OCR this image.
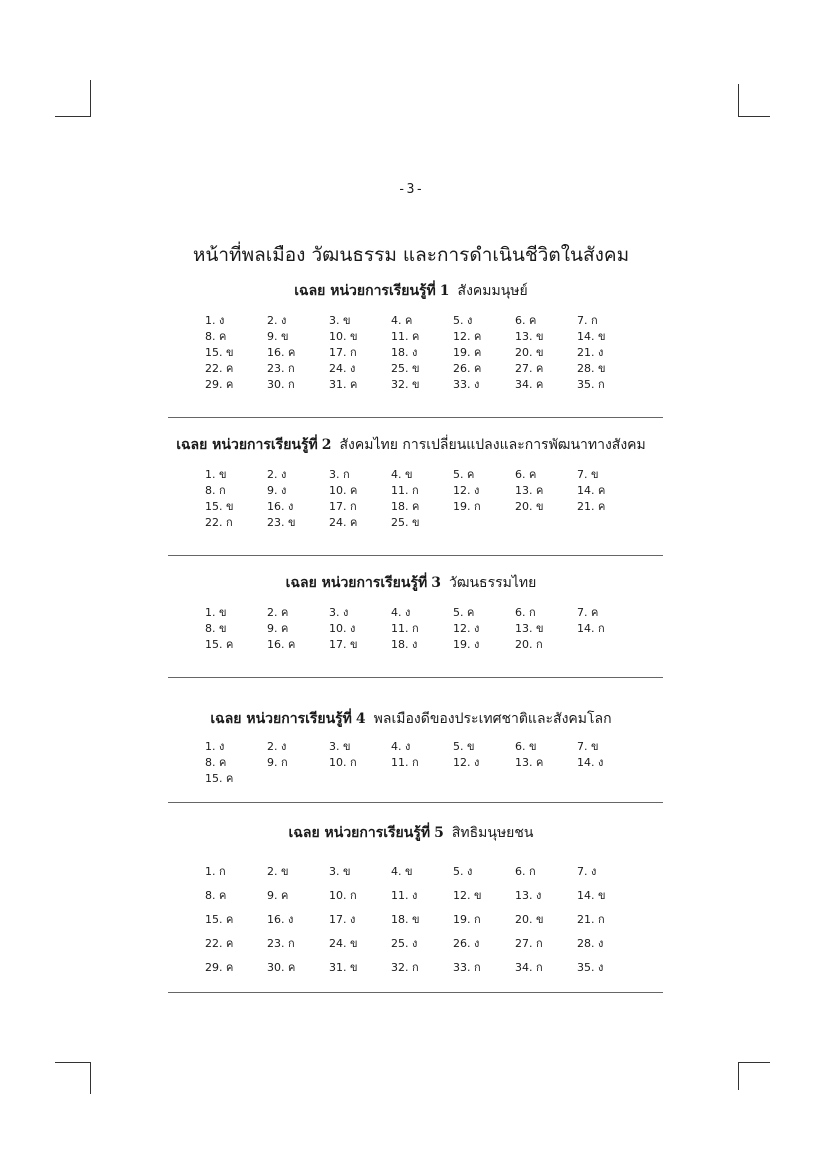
-3-
หน้าที่พลเมือง วัฒนธรรม และการดำเนินชีวิตในสังคม
เฉลย หน่วยการเรียนรู้ที่ 1 สังคมมนุษย์
1. ง	2. ง	3. ข	4. ค	5. ง	6. ค	7. ก
8. ค	9. ข	10. ข	11. ค	12. ค	13. ข	14. ข
15. ข	16. ค	17. ก	18. ง	19. ค	20. ข	21. ง
22. ค	23. ก	24. ง	25. ข	26. ค	27. ค	28. ข
29. ค	30. ก	31. ค	32. ข	33. ง	34. ค	35. ก
เฉลย หน่วยการเรียนรู้ที่ 2 สังคมไทย การเปลี่ยนแปลงและการพัฒนาทางสังคม
1. ข	2. ง	3. ก	4. ข	5. ค	6. ค	7. ข
8. ก	9. ง	10. ค	11. ก	12. ง	13. ค	14. ค
15. ข	16. ง	17. ก	18. ค	19. ก	20. ข	21. ค
22. ก	23. ข	24. ค	25. ข
เฉลย หน่วยการเรียนรู้ที่ 3 วัฒนธรรมไทย
1. ข	2. ค	3. ง	4. ง	5. ค	6. ก	7. ค
8. ข	9. ค	10. ง	11. ก	12. ง	13. ข	14. ก
15. ค	16. ค	17. ข	18. ง	19. ง	20. ก
เฉลย หน่วยการเรียนรู้ที่ 4 พลเมืองดีของประเทศชาติและสังคมโลก
1. ง	2. ง	3. ข	4. ง	5. ข	6. ข	7. ข
8. ค	9. ก	10. ก	11. ก	12. ง	13. ค	14. ง
15. ค
เฉลย หน่วยการเรียนรู้ที่ 5 สิทธิมนุษยชน
1. ก	2. ข	3. ข	4. ข	5. ง	6. ก	7. ง
8. ค	9. ค	10. ก	11. ง	12. ข	13. ง	14. ข
15. ค	16. ง	17. ง	18. ข	19. ก	20. ข	21. ก
22. ค	23. ก	24. ข	25. ง	26. ง	27. ก	28. ง
29. ค	30. ค	31. ข	32. ก	33. ก	34. ก	35. ง
